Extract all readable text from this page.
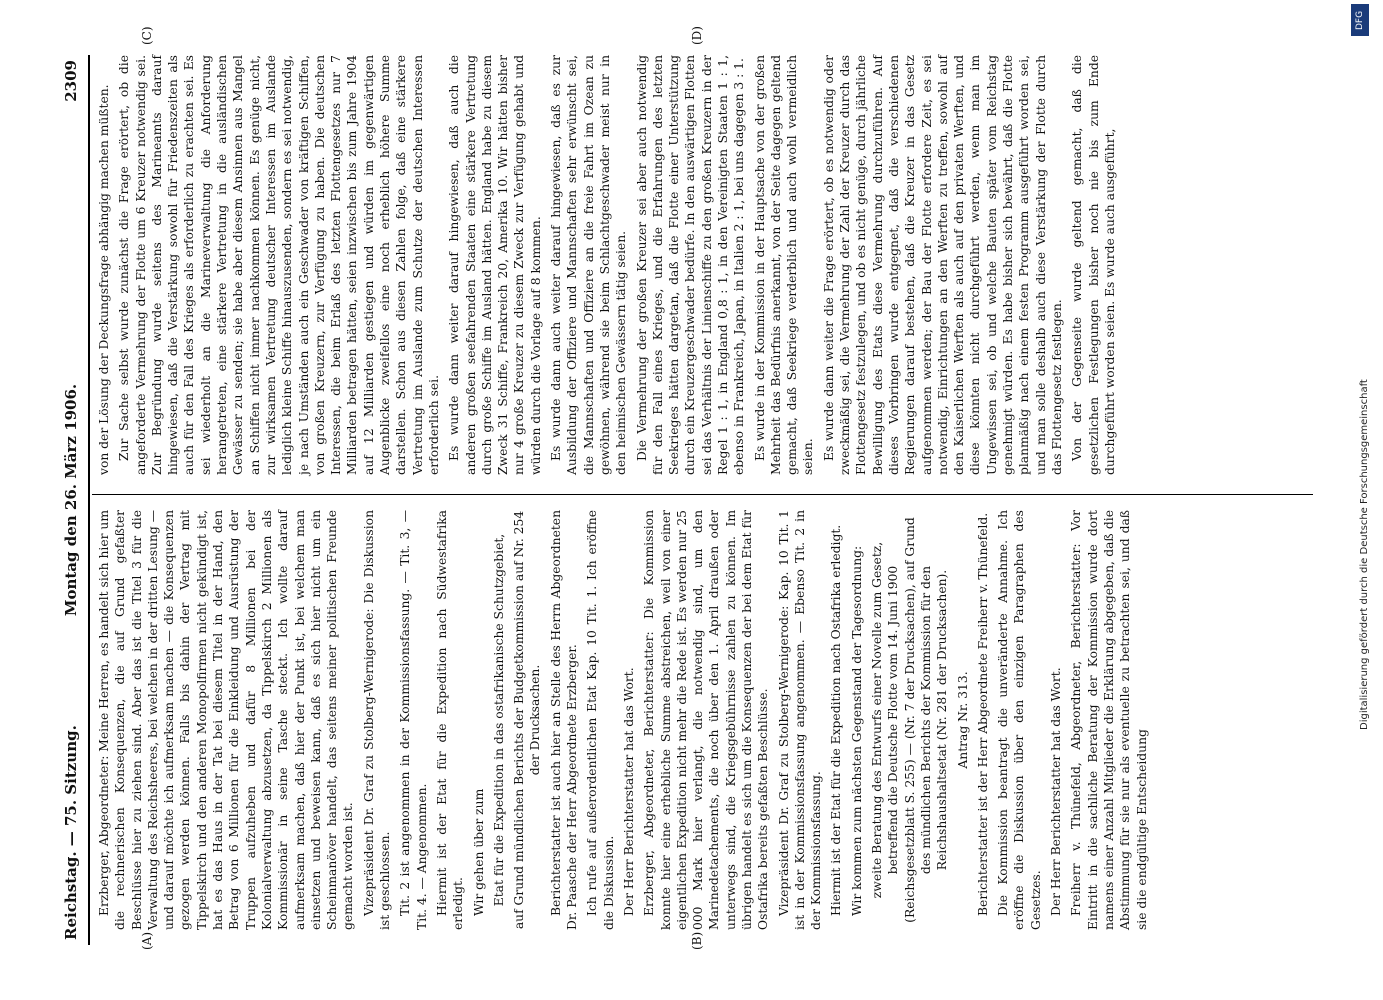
Reichstag. — 75. Sitzung.
Montag den 26. März 1906.
2309
(A)	(B)
(C)	(D)

Erzberger, Abgeordneter: Meine Herren, es handelt sich hier um die rechnerischen Konsequenzen, die auf Grund gefaßter Beschlüsse hier zu ziehen sind. Aber das ist die Titel 3 für die Verwaltung des Reichsheeres, bei welchen in der dritten Lesung — und darauf möchte ich aufmerksam machen — die Konsequenzen gezogen werden können. Falls bis dahin der Vertrag mit Tippelskirch und den anderen Monopolfirmen nicht gekündigt ist, hat es das Haus in der Tat bei diesem Titel in der Hand, den Betrag von 6 Millionen für die Einkleidung und Ausrüstung der Truppen aufzuheben und dafür 8 Millionen bei der Kolonialverwaltung abzusetzen, da Tippelskirch 2 Millionen als Kommissionär in seine Tasche steckt. Ich wollte darauf aufmerksam machen, daß hier der Punkt ist, bei welchem man einsetzen und beweisen kann, daß es sich hier nicht um ein Scheinmanöver handelt, das seitens meiner politischen Freunde gemacht worden ist. Vizepräsident Dr. Graf zu Stolberg-Wernigerode: Die Diskussion ist geschlossen. Tit. 2 ist angenommen in der Kommissionsfassung. — Tit. 3, — Tit. 4. — Angenommen. Hiermit ist der Etat für die Expedition nach Südwestafrika erledigt. Wir gehen über zum Etat für die Expedition in das ostafrikanische Schutzgebiet, auf Grund mündlichen Berichts der Budgetkommission auf Nr. 254 der Drucksachen. Berichterstatter ist auch hier an Stelle des Herrn Abgeordneten Dr. Paasche der Herr Abgeordnete Erzberger. Ich rufe auf außerordentlichen Etat Kap. 10 Tit. 1. Ich eröffne die Diskussion. Der Herr Berichterstatter hat das Wort. Erzberger, Abgeordneter, Berichterstatter: Die Kommission konnte hier eine erhebliche Summe abstreichen, weil von einer eigentlichen Expedition nicht mehr die Rede ist. Es werden nur 25 000 Mark hier verlangt, die notwendig sind, um den Marinedetachements, die noch über den 1. April draußen oder unterwegs sind, die Kriegsgebührnisse zahlen zu können. Im übrigen handelt es sich um die Konsequenzen der bei dem Etat für Ostafrika bereits gefaßten Beschlüsse. Vizepräsident Dr. Graf zu Stolberg-Wernigerode: Kap. 10 Tit. 1 ist in der Kommissionsfassung angenommen. — Ebenso Tit. 2 in der Kommissionsfassung. Hiermit ist der Etat für die Expedition nach Ostafrika erledigt. Wir kommen zum nächsten Gegenstand der Tagesordnung: zweite Beratung des Entwurfs einer Novelle zum Gesetz, betreffend die Deutsche Flotte vom 14. Juni 1900 (Reichsgesetzblatt S. 255) — (Nr. 7 der Drucksachen), auf Grund des mündlichen Berichts der Kommission für den Reichshaushaltsetat (Nr. 281 der Drucksachen). Antrag Nr. 313. Berichterstatter ist der Herr Abgeordnete Freiherr v. Thünefeld. Die Kommission beantragt die unveränderte Annahme. Ich eröffne die Diskussion über den einzigen Paragraphen des Gesetzes. Der Herr Berichterstatter hat das Wort. Freiherr v. Thünefeld, Abgeordneter, Berichterstatter: Vor Eintritt in die sachliche Beratung der Kommission wurde dort namens einer Anzahl Mitglieder die Erklärung abgegeben, daß die Abstimmung für sie nur als eventuelle zu betrachten sei, und daß sie die endgültige Entscheidung

von der Lösung der Deckungsfrage abhängig machen müßten. Zur Sache selbst wurde zunächst die Frage erörtert, ob die angeforderte Vermehrung der Flotte um 6 Kreuzer notwendig sei. Zur Begründung wurde seitens des Marineamts darauf hingewiesen, daß die Verstärkung sowohl für Friedenszeiten als auch für den Fall des Krieges als erforderlich zu erachten sei. Es sei wiederholt an die Marineverwaltung die Anforderung herangetreten, eine stärkere Vertretung in die ausländischen Gewässer zu senden; sie habe aber diesem Ansinnen aus Mangel an Schiffen nicht immer nachkommen können. Es genüge nicht, zur wirksamen Vertretung deutscher Interessen im Auslande lediglich kleine Schiffe hinauszusenden, sondern es sei notwendig, je nach Umständen auch ein Geschwader von kräftigen Schiffen, von großen Kreuzern, zur Verfügung zu haben. Die deutschen Interessen, die beim Erlaß des letzten Flottengesetzes nur 7 Milliarden betragen hätten, seien inzwischen bis zum Jahre 1904 auf 12 Milliarden gestiegen und würden im gegenwärtigen Augenblicke zweifellos eine noch erheblich höhere Summe darstellen. Schon aus diesen Zahlen folge, daß eine stärkere Vertretung im Auslande zum Schutze der deutschen Interessen erforderlich sei. Es wurde dann weiter darauf hingewiesen, daß auch die anderen großen seefahrenden Staaten eine stärkere Vertretung durch große Schiffe im Ausland hätten. England habe zu diesem Zweck 31 Schiffe, Frankreich 20, Amerika 10. Wir hätten bisher nur 4 große Kreuzer zu diesem Zweck zur Verfügung gehabt und würden durch die Vorlage auf 8 kommen. Es wurde dann auch weiter darauf hingewiesen, daß es zur Ausbildung der Offiziere und Mannschaften sehr erwünscht sei, die Mannschaften und Offiziere an die freie Fahrt im Ozean zu gewöhnen, während sie beim Schlachtgeschwader meist nur in den heimischen Gewässern tätig seien. Die Vermehrung der großen Kreuzer sei aber auch notwendig für den Fall eines Krieges, und die Erfahrungen des letzten Seekrieges hätten dargetan, daß die Flotte einer Unterstützung durch ein Kreuzergeschwader bedürfe. In den auswärtigen Flotten sei das Verhältnis der Linienschiffe zu den großen Kreuzern in der Regel 1 : 1, in England 0,8 : 1, in den Vereinigten Staaten 1 : 1, ebenso in Frankreich, Japan, in Italien 2 : 1, bei uns dagegen 3 : 1. Es wurde in der Kommission in der Hauptsache von der großen Mehrheit das Bedürfnis anerkannt, von der Seite dagegen geltend gemacht, daß Seekriege verderblich und auch wohl vermeidlich seien. Es wurde dann weiter die Frage erörtert, ob es notwendig oder zweckmäßig sei, die Vermehrung der Zahl der Kreuzer durch das Flottengesetz festzulegen, und ob es nicht genüge, durch jährliche Bewilligung des Etats diese Vermehrung durchzuführen. Auf dieses Vorbringen wurde entgegnet, daß die verschiedenen Regierungen darauf bestehen, daß die Kreuzer in das Gesetz aufgenommen werden; der Bau der Flotte erfordere Zeit, es sei notwendig, Einrichtungen an den Werften zu treffen, sowohl auf den Kaiserlichen Werften als auch auf den privaten Werften, und diese könnten nicht durchgeführt werden, wenn man im Ungewissen sei, ob und welche Bauten später vom Reichstag genehmigt würden. Es habe bisher sich bewährt, daß die Flotte planmäßig nach einem festen Programm ausgeführt worden sei, und man solle deshalb auch diese Verstärkung der Flotte durch das Flottengesetz festlegen. Von der Gegenseite wurde geltend gemacht, daß die gesetzlichen Festlegungen bisher noch nie bis zum Ende durchgeführt worden seien. Es wurde auch ausgeführt,

DFG
Digitalisierung gefördert durch die Deutsche Forschungsgemeinschaft
